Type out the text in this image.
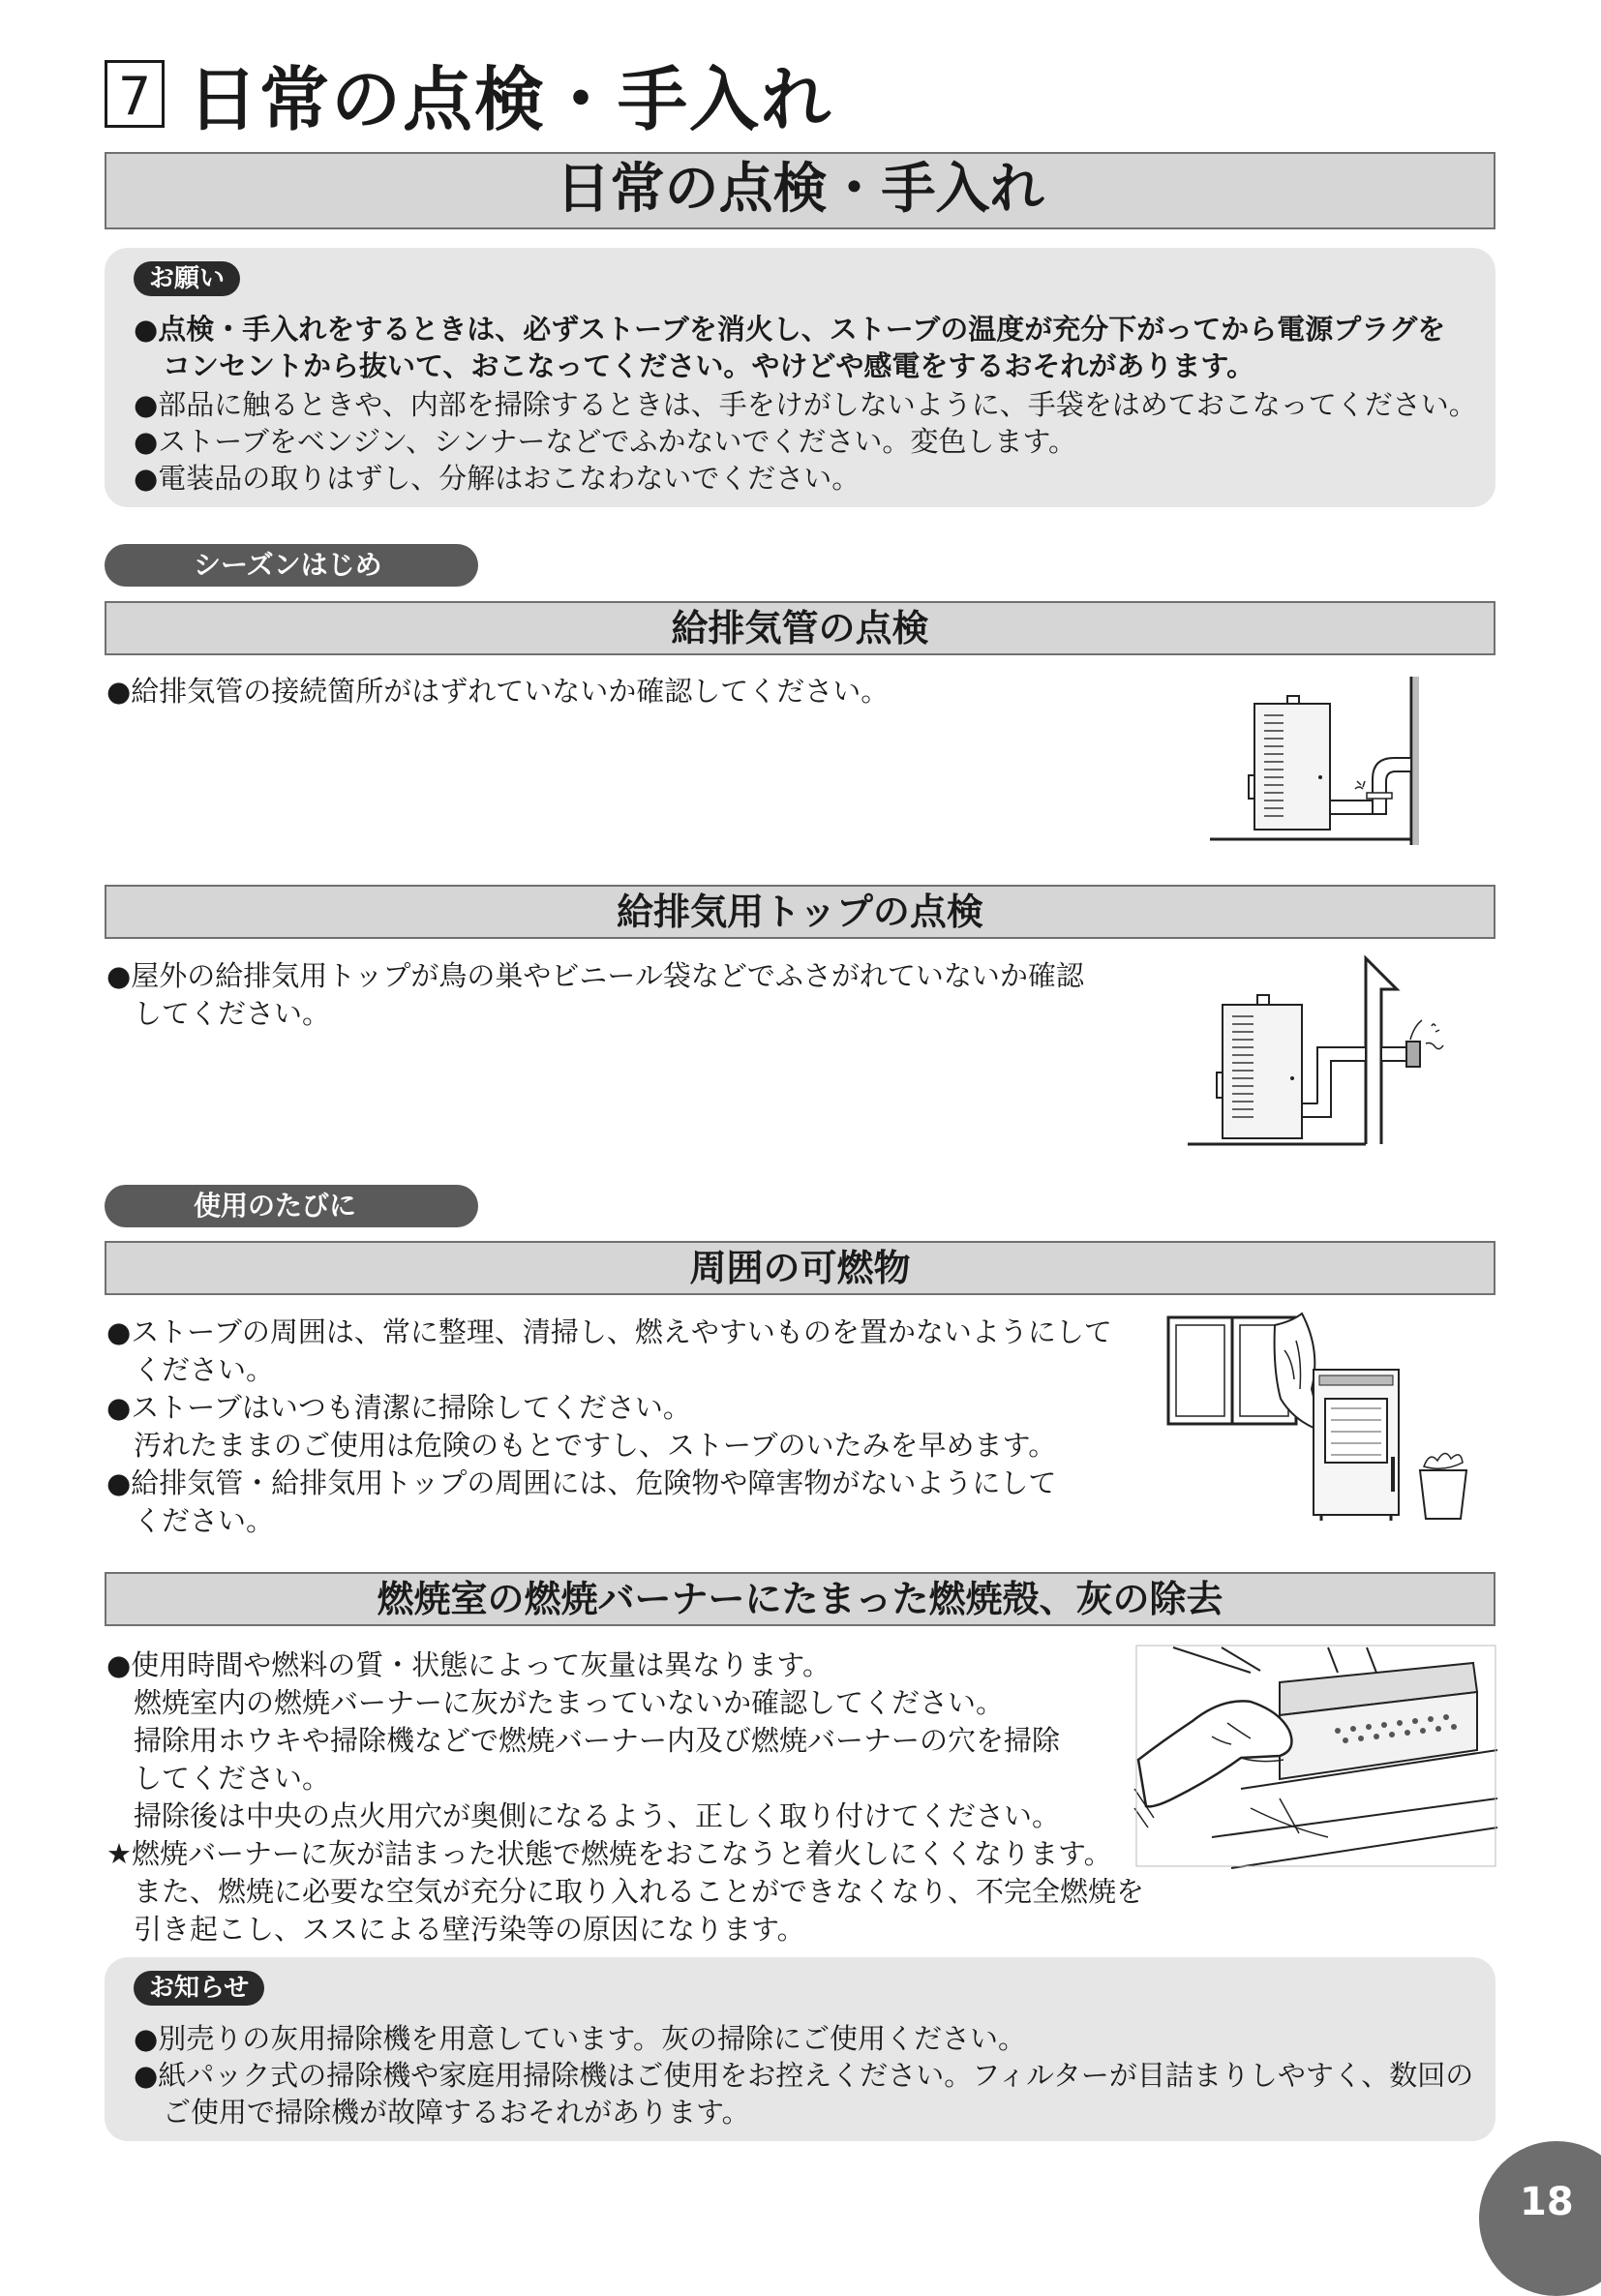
7 日常の点検・手入れ
日常の点検・手入れ
お願い
●点検・手入れをするときは、必ずストーブを消火し、ストーブの温度が充分下がってから電源プラグを
コンセントから抜いて、おこなってください。やけどや感電をするおそれがあります。
●部品に触るときや、内部を掃除するときは、手をけがしないように、手袋をはめておこなってください。
●ストーブをベンジン、シンナーなどでふかないでください。変色します。
●電装品の取りはずし、分解はおこなわないでください。
シーズンはじめ
給排気管の点検
●給排気管の接続箇所がはずれていないか確認してください。
給排気用トップの点検
●屋外の給排気用トップが鳥の巣やビニール袋などでふさがれていないか確認
してください。
使用のたびに
周囲の可燃物
●ストーブの周囲は、常に整理、清掃し、燃えやすいものを置かないようにして
ください。
●ストーブはいつも清潔に掃除してください。
汚れたままのご使用は危険のもとですし、ストーブのいたみを早めます。
●給排気管・給排気用トップの周囲には、危険物や障害物がないようにして
ください。
燃焼室の燃焼バーナーにたまった燃焼殻、灰の除去
●使用時間や燃料の質・状態によって灰量は異なります。
燃焼室内の燃焼バーナーに灰がたまっていないか確認してください。
掃除用ホウキや掃除機などで燃焼バーナー内及び燃焼バーナーの穴を掃除
してください。
掃除後は中央の点火用穴が奥側になるよう、正しく取り付けてください。
★燃焼バーナーに灰が詰まった状態で燃焼をおこなうと着火しにくくなります。
また、燃焼に必要な空気が充分に取り入れることができなくなり、不完全燃焼を
引き起こし、ススによる壁汚染等の原因になります。
お知らせ
●別売りの灰用掃除機を用意しています。灰の掃除にご使用ください。
●紙パック式の掃除機や家庭用掃除機はご使用をお控えください。フィルターが目詰まりしやすく、数回の
ご使用で掃除機が故障するおそれがあります。
18
